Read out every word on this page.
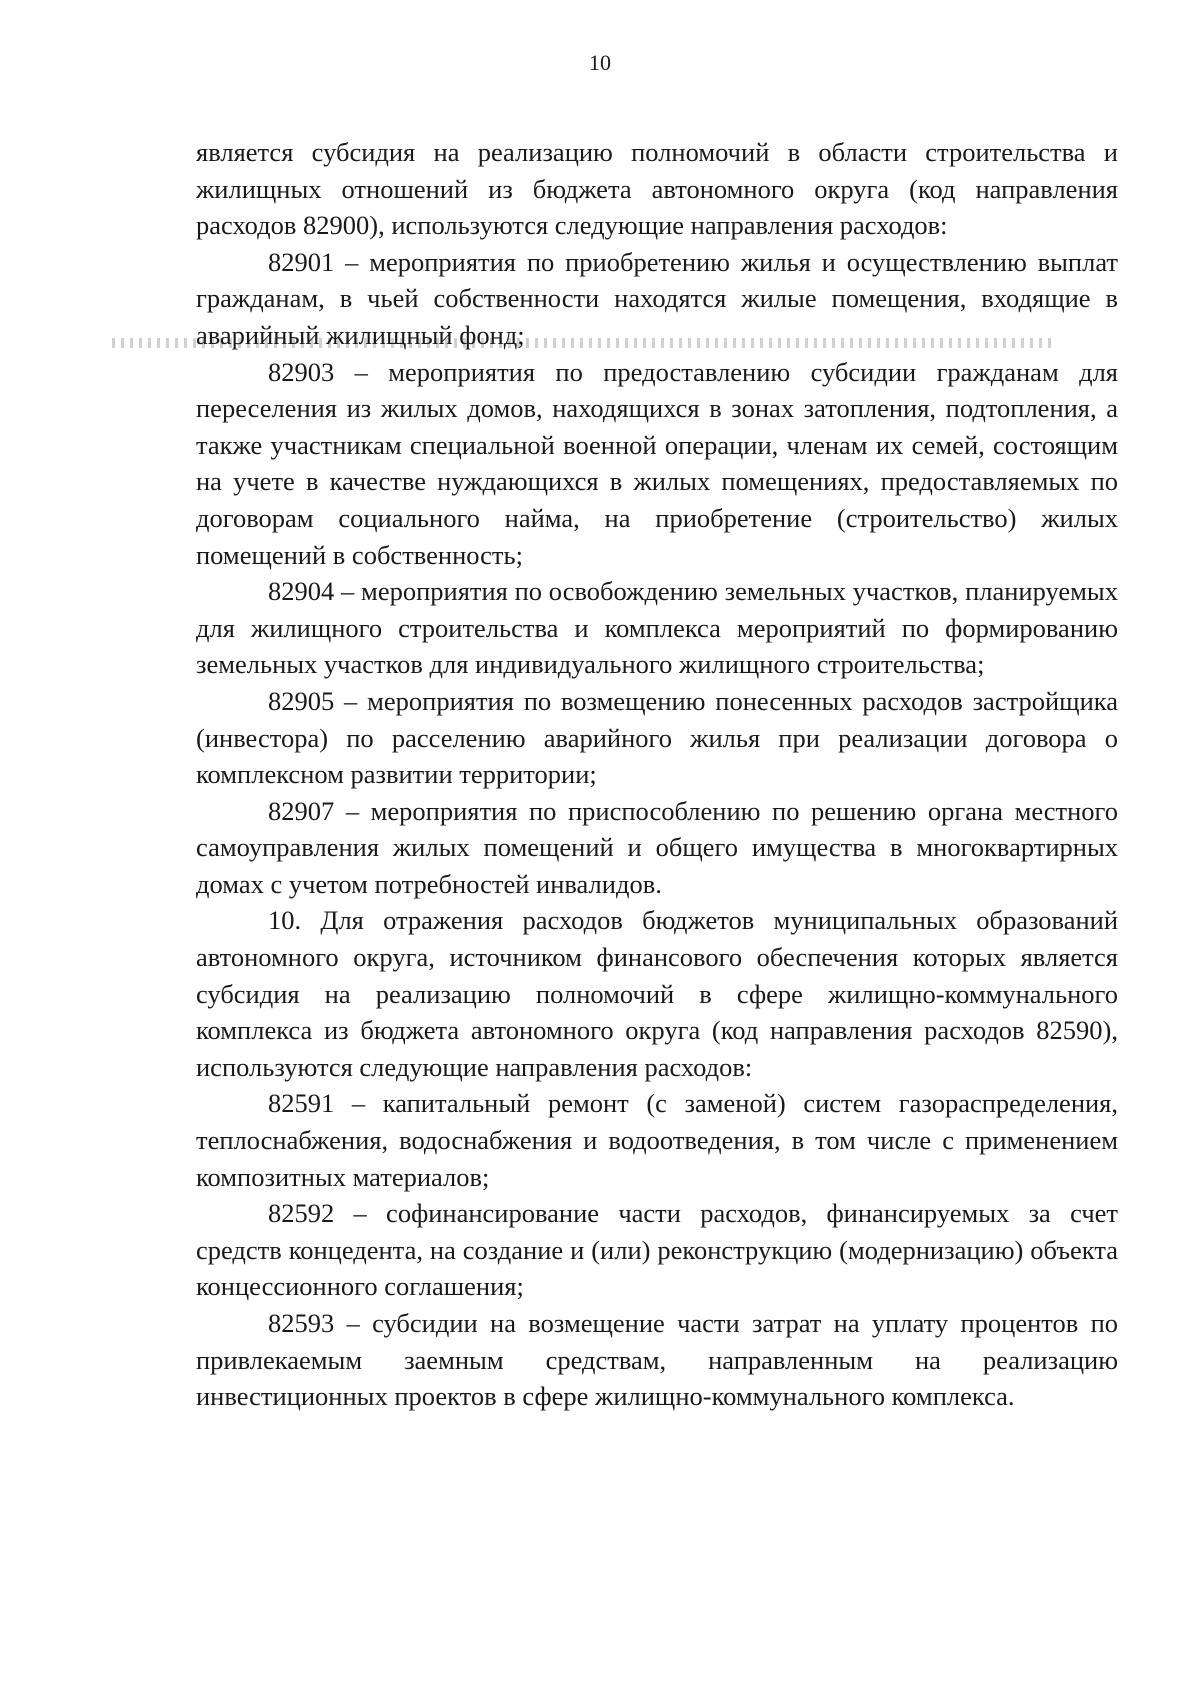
10

является субсидия на реализацию полномочий в области строительства и жилищных отношений из бюджета автономного округа (код направления расходов 82900), используются следующие направления расходов:

82901 – мероприятия по приобретению жилья и осуществлению выплат гражданам, в чьей собственности находятся жилые помещения, входящие в аварийный жилищный фонд;

82903 – мероприятия по предоставлению субсидии гражданам для переселения из жилых домов, находящихся в зонах затопления, подтопления, а также участникам специальной военной операции, членам их семей, состоящим на учете в качестве нуждающихся в жилых помещениях, предоставляемых по договорам социального найма, на приобретение (строительство) жилых помещений в собственность;

82904 – мероприятия по освобождению земельных участков, планируемых для жилищного строительства и комплекса мероприятий по формированию земельных участков для индивидуального жилищного строительства;

82905 – мероприятия по возмещению понесенных расходов застройщика (инвестора) по расселению аварийного жилья при реализации договора о комплексном развитии территории;

82907 – мероприятия по приспособлению по решению органа местного самоуправления жилых помещений и общего имущества в многоквартирных домах с учетом потребностей инвалидов.

10. Для отражения расходов бюджетов муниципальных образований автономного округа, источником финансового обеспечения которых является субсидия на реализацию полномочий в сфере жилищно-коммунального комплекса из бюджета автономного округа (код направления расходов 82590), используются следующие направления расходов:

82591 – капитальный ремонт (с заменой) систем газораспределения, теплоснабжения, водоснабжения и водоотведения, в том числе с применением композитных материалов;

82592 – софинансирование части расходов, финансируемых за счет средств концедента, на создание и (или) реконструкцию (модернизацию) объекта концессионного соглашения;

82593 – субсидии на возмещение части затрат на уплату процентов по привлекаемым заемным средствам, направленным на реализацию инвестиционных проектов в сфере жилищно-коммунального комплекса.
